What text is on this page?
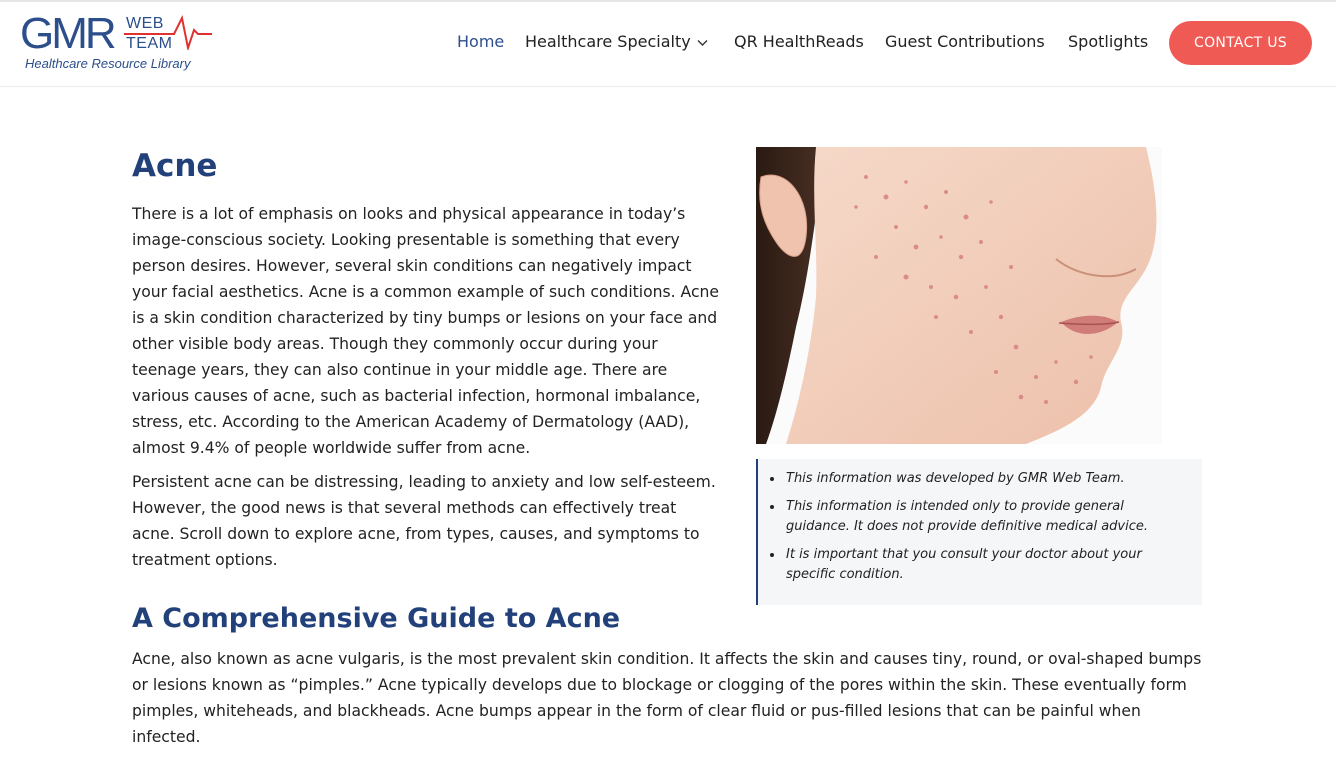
GMR WEB
TEAM
Healthcare Resource Library
Home Healthcare Specialty	QR HealthReads Guest Contributions Spotlights	CONTACT US
Acne

There is a lot of emphasis on looks and physical appearance in today’s image-conscious society. Looking presentable is something that every person desires. However, several skin conditions can negatively impact your facial aesthetics. Acne is a common example of such conditions. Acne is a skin condition characterized by tiny bumps or lesions on your face and other visible body areas. Though they commonly occur during your teenage years, they can also continue in your middle age. There are various causes of acne, such as bacterial infection, hormonal imbalance, stress, etc. According to the American Academy of Dermatology (AAD), almost 9.4% of people worldwide suffer from acne.

Persistent acne can be distressing, leading to anxiety and low self-esteem. However, the good news is that several methods can effectively treat acne. Scroll down to explore acne, from types, causes, and symptoms to treatment options.

• This information was developed by GMR Web Team.
• This information is intended only to provide general guidance. It does not provide definitive medical advice.
• It is important that you consult your doctor about your specific condition.
A Comprehensive Guide to Acne

Acne, also known as acne vulgaris, is the most prevalent skin condition. It affects the skin and causes tiny, round, or oval-shaped bumps or lesions known as “pimples.” Acne typically develops due to blockage or clogging of the pores within the skin. These eventually form pimples, whiteheads, and blackheads. Acne bumps appear in the form of clear fluid or pus-filled lesions that can be painful when infected.
